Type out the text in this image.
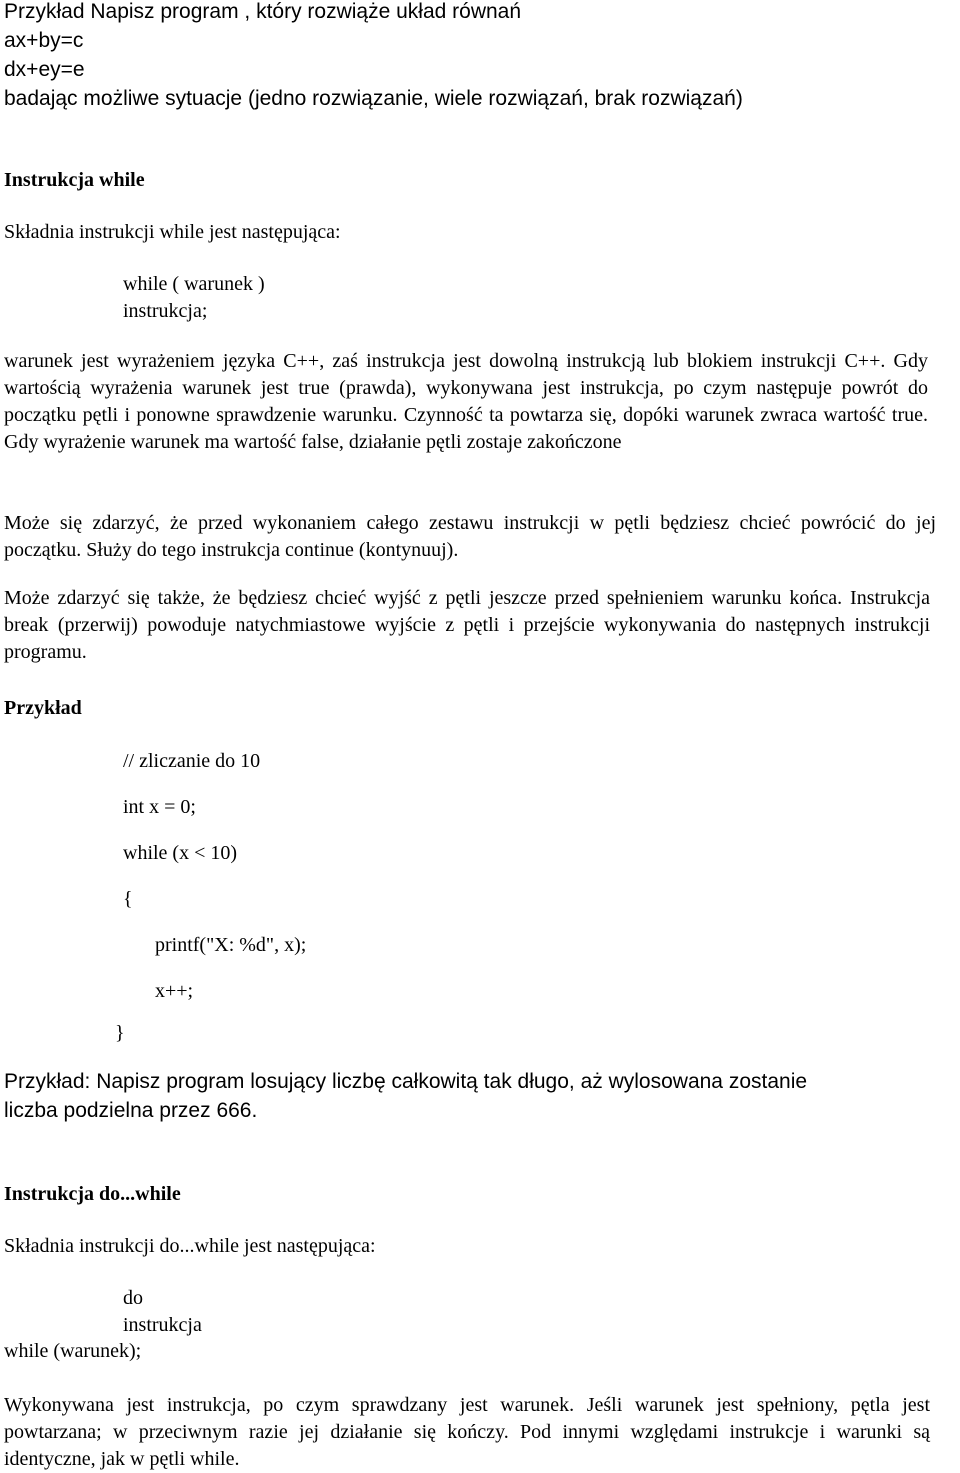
Przykład Napisz program , który rozwiąże układ równań

ax+by=c

dx+ey=e

badając możliwe sytuacje (jedno rozwiązanie, wiele rozwiązań, brak rozwiązań)

Instrukcja while

Składnia instrukcji while jest następująca:

while ( warunek )

instrukcja;

warunek jest wyrażeniem języka C++, zaś instrukcja jest dowolną instrukcją lub blokiem instrukcji C++. Gdy wartością wyrażenia warunek jest true (prawda), wykonywana jest instrukcja, po czym następuje powrót do początku pętli i ponowne sprawdzenie warunku. Czynność ta powtarza się, dopóki warunek zwraca wartość true. Gdy wyrażenie warunek ma wartość false, działanie pętli zostaje zakończone

Może się zdarzyć, że przed wykonaniem całego zestawu instrukcji w pętli będziesz chcieć powrócić do jej początku. Służy do tego instrukcja continue (kontynuuj).

Może zdarzyć się także, że będziesz chcieć wyjść z pętli jeszcze przed spełnieniem warunku końca. Instrukcja break (przerwij) powoduje natychmiastowe wyjście z pętli i przejście wykonywania do następnych instrukcji programu.

Przykład

// zliczanie do 10

int x = 0;

while (x < 10)

{

printf("X: %d", x);

x++;

}

Przykład: Napisz program losujący liczbę całkowitą tak długo, aż wylosowana zostanie

liczba podzielna przez 666.

Instrukcja do...while

Składnia instrukcji do...while jest następująca:

do

instrukcja

while (warunek);

Wykonywana jest instrukcja, po czym sprawdzany jest warunek. Jeśli warunek jest spełniony, pętla jest powtarzana; w przeciwnym razie jej działanie się kończy. Pod innymi względami instrukcje i warunki są identyczne, jak w pętli while.
